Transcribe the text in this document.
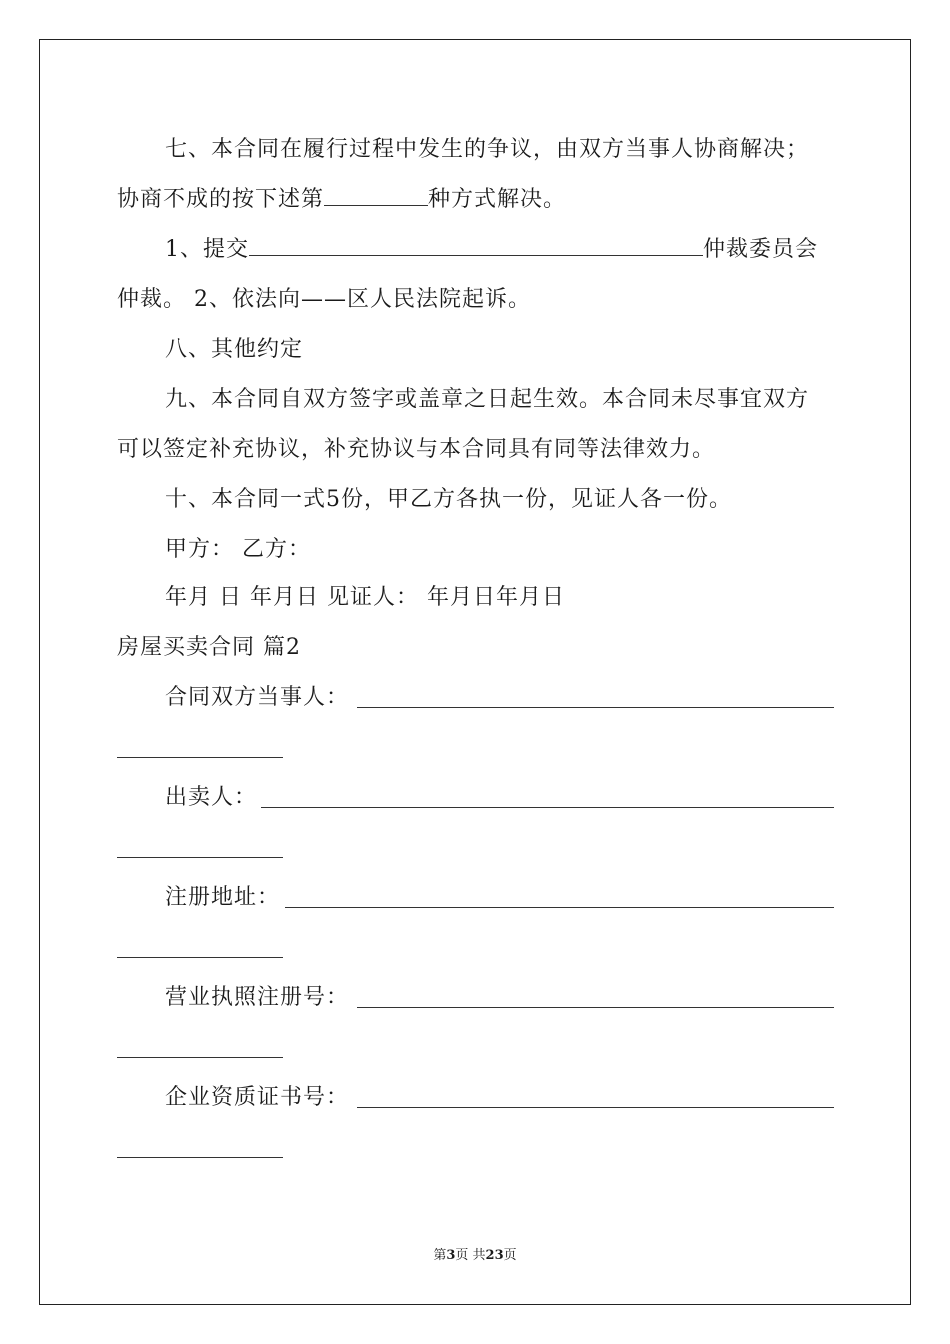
七、本合同在履行过程中发生的争议，由双方当事人协商解决；
协商不成的按下述第	种方式解决。
1、提交	仲裁委员会
仲裁。 2、依法向——区人民法院起诉。
八、其他约定
九、本合同自双方签字或盖章之日起生效。本合同未尽事宜双方
可以签定补充协议，补充协议与本合同具有同等法律效力。
十、本合同一式5份，甲乙方各执一份，见证人各一份。
甲方： 乙方：
年月 日 年月日 见证人： 年月日年月日
房屋买卖合同 篇2
合同双方当事人：
出卖人：
注册地址：
营业执照注册号：
企业资质证书号：
第3页 共23页
